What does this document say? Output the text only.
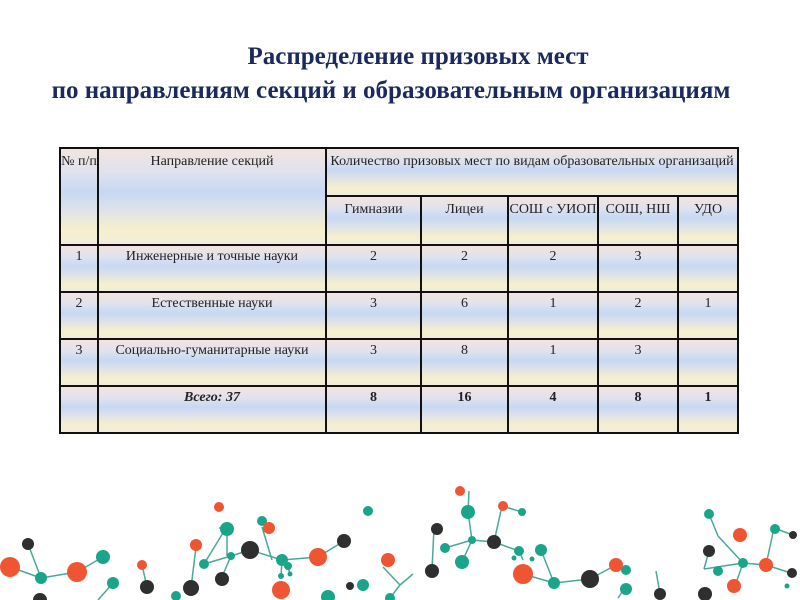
Распределение призовых мест
по направлениям секций и образовательным организациям
№ п/п	Направление секций	Количество призовых мест по видам образовательных организаций				
		Гимназии	Лицеи	СОШ с УИОП	СОШ, НШ	УДО
1	Инженерные и точные науки	2	2	2	3	
2	Естественные науки	3	6	1	2	1
3	Социально-гуманитарные науки	3	8	1	3	
	Всего: 37	8	16	4	8	1
